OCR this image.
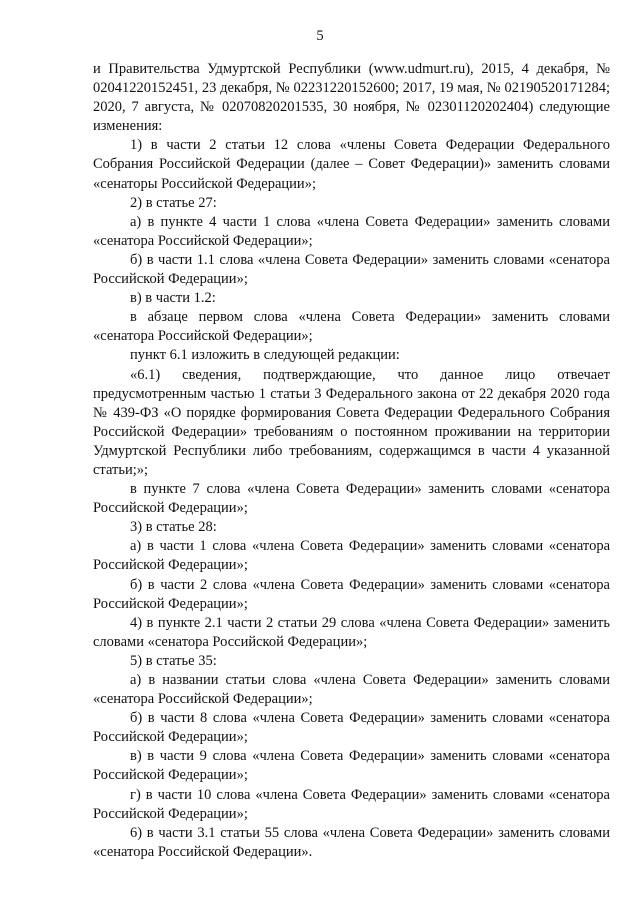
5

и Правительства Удмуртской Республики (www.udmurt.ru), 2015, 4 декабря, № 02041220152451, 23 декабря, № 02231220152600; 2017, 19 мая, № 02190520171284; 2020, 7 августа, № 02070820201535, 30 ноября, № 02301120202404) следующие изменения:

1) в части 2 статьи 12 слова «члены Совета Федерации Федерального Собрания Российской Федерации (далее – Совет Федерации)» заменить словами «сенаторы Российской Федерации»;

2) в статье 27:

а) в пункте 4 части 1 слова «члена Совета Федерации» заменить словами «сенатора Российской Федерации»;

б) в части 1.1 слова «члена Совета Федерации» заменить словами «сенатора Российской Федерации»;

в) в части 1.2:

в абзаце первом слова «члена Совета Федерации» заменить словами «сенатора Российской Федерации»;

пункт 6.1 изложить в следующей редакции:

«6.1) сведения, подтверждающие, что данное лицо отвечает предусмотренным частью 1 статьи 3 Федерального закона от 22 декабря 2020 года № 439-ФЗ «О порядке формирования Совета Федерации Федерального Собрания Российской Федерации» требованиям о постоянном проживании на территории Удмуртской Республики либо требованиям, содержащимся в части 4 указанной статьи;»;

в пункте 7 слова «члена Совета Федерации» заменить словами «сенатора Российской Федерации»;

3) в статье 28:

а) в части 1 слова «члена Совета Федерации» заменить словами «сенатора Российской Федерации»;

б) в части 2 слова «члена Совета Федерации» заменить словами «сенатора Российской Федерации»;

4) в пункте 2.1 части 2 статьи 29 слова «члена Совета Федерации» заменить словами «сенатора Российской Федерации»;

5) в статье 35:

а) в названии статьи слова «члена Совета Федерации» заменить словами «сенатора Российской Федерации»;

б) в части 8 слова «члена Совета Федерации» заменить словами «сенатора Российской Федерации»;

в) в части 9 слова «члена Совета Федерации» заменить словами «сенатора Российской Федерации»;

г) в части 10 слова «члена Совета Федерации» заменить словами «сенатора Российской Федерации»;

6) в части 3.1 статьи 55 слова «члена Совета Федерации» заменить словами «сенатора Российской Федерации».
